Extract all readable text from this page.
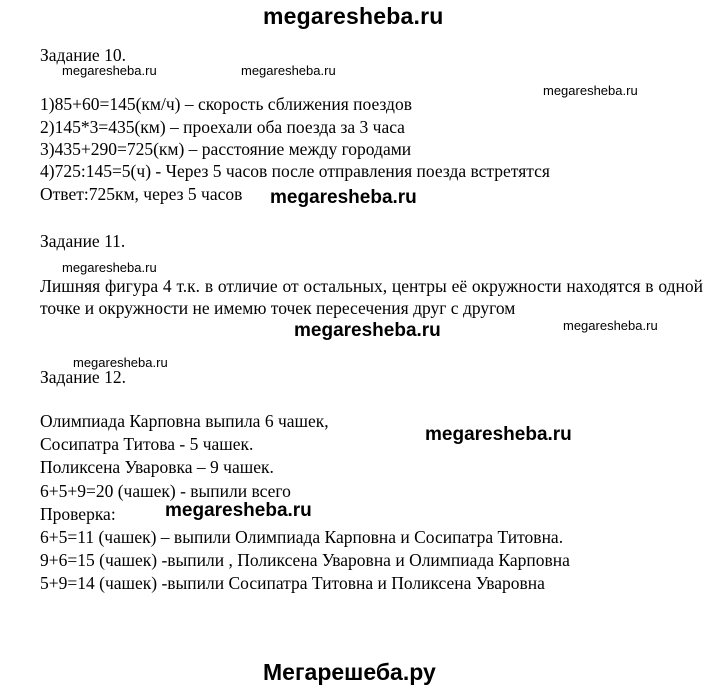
megaresheba.ru
Задание 10.
1)85+60=145(км/ч) – скорость сближения поездов
2)145*3=435(км) – проехали оба поезда за 3 часа
3)435+290=725(км) – расстояние между городами
4)725:145=5(ч) - Через 5 часов после отправления поезда встретятся
Ответ:725км, через 5 часов
Задание 11.
Лишняя фигура 4 т.к. в отличие от остальных, центры её окружности находятся в одной точке и окружности не имемю точек пересечения друг с другом
Задание 12.
Олимпиада Карповна выпила 6 чашек,
Сосипатра Титова - 5 чашек.
Поликсена Уваровка – 9 чашек.
6+5+9=20 (чашек) - выпили всего
Проверка:
6+5=11 (чашек) – выпили Олимпиада Карповна и Сосипатра Титовна.
9+6=15 (чашек) -выпили , Поликсена Уваровна и Олимпиада Карповна
5+9=14 (чашек) -выпили Сосипатра Титовна и Поликсена Уваровна
megaresheba.ru	megaresheba.ru
megaresheba.ru
megaresheba.ru
megaresheba.ru
megaresheba.ru
megaresheba.ru
megaresheba.ru
megaresheba.ru
megaresheba.ru
Мегарешеба.ру
